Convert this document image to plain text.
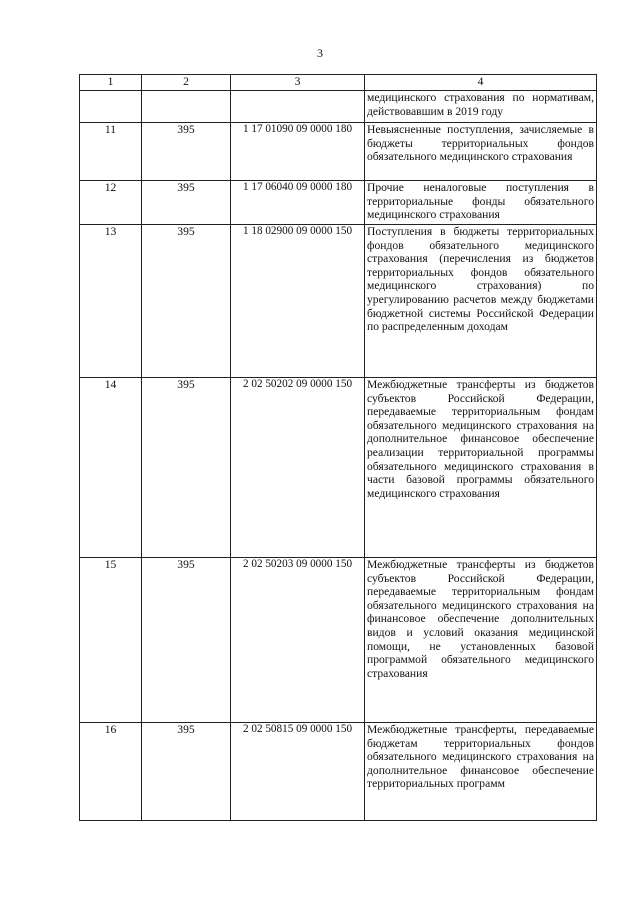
3
1	2	3	4
			медицинского страхования по нормативам, действовавшим в 2019 году
11	395	1 17 01090 09 0000 180	Невыясненные поступления, зачисляемые в бюджеты территориальных фондов обязательного медицинского страхования
12	395	1 17 06040 09 0000 180	Прочие неналоговые поступления в территориальные фонды обязательного медицинского страхования
13	395	1 18 02900 09 0000 150	Поступления в бюджеты территориальных фондов обязательного медицинского страхования (перечисления из бюджетов территориальных фондов обязательного медицинского страхования) по урегулированию расчетов между бюджетами бюджетной системы Российской Федерации по распределенным доходам
14	395	2 02 50202 09 0000 150	Межбюджетные трансферты из бюджетов субъектов Российской Федерации, передаваемые территориальным фондам обязательного медицинского страхования на дополнительное финансовое обеспечение реализации территориальной программы обязательного медицинского страхования в части базовой программы обязательного медицинского страхования
15	395	2 02 50203 09 0000 150	Межбюджетные трансферты из бюджетов субъектов Российской Федерации, передаваемые территориальным фондам обязательного медицинского страхования на финансовое обеспечение дополнительных видов и условий оказания медицинской помощи, не установленных базовой программой обязательного медицинского страхования
16	395	2 02 50815 09 0000 150	Межбюджетные трансферты, передаваемые бюджетам территориальных фондов обязательного медицинского страхования на дополнительное финансовое обеспечение территориальных программ
